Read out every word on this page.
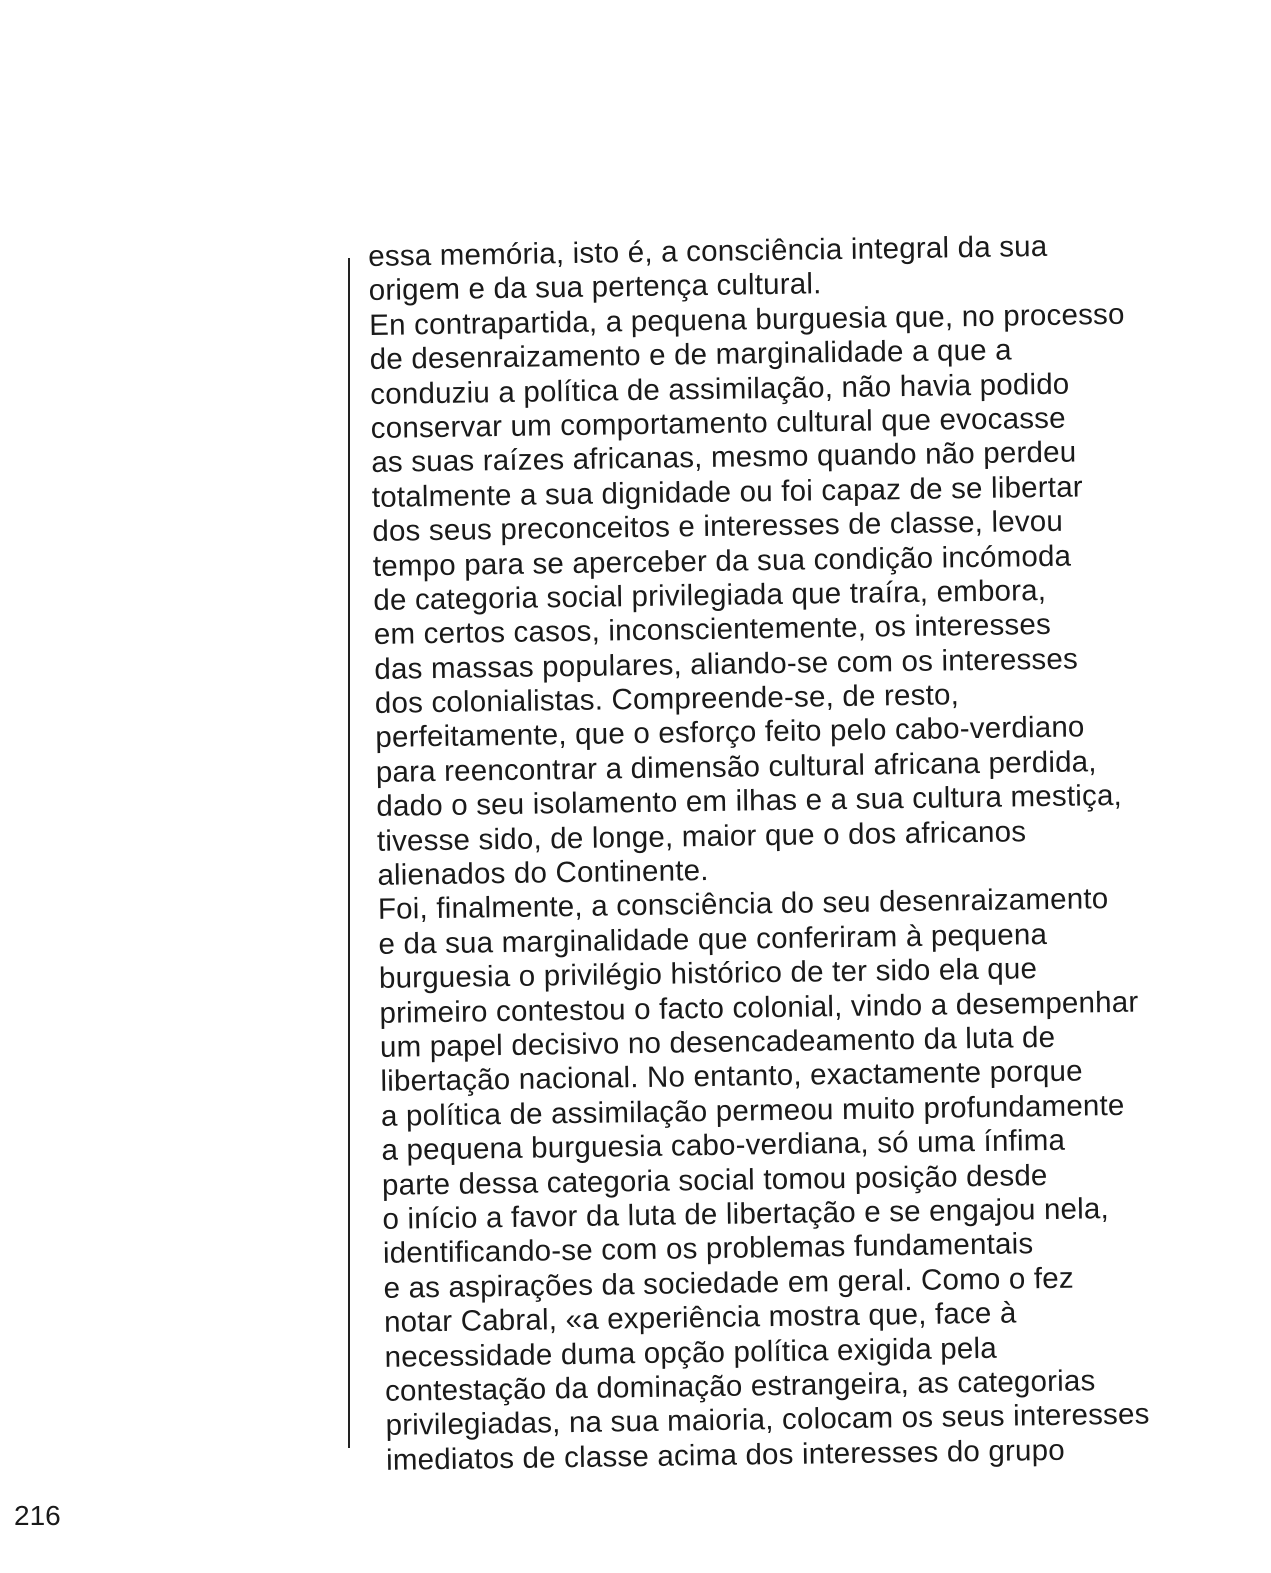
essa memória, isto é, a consciência integral da sua
origem e da sua pertença cultural.
En contrapartida, a pequena burguesia que, no processo
de desenraizamento e de marginalidade a que a
conduziu a política de assimilação, não havia podido
conservar um comportamento cultural que evocasse
as suas raízes africanas, mesmo quando não perdeu
totalmente a sua dignidade ou foi capaz de se libertar
dos seus preconceitos e interesses de classe, levou
tempo para se aperceber da sua condição incómoda
de categoria social privilegiada que traíra, embora,
em certos casos, inconscientemente, os interesses
das massas populares, aliando-se com os interesses
dos colonialistas. Compreende-se, de resto,
perfeitamente, que o esforço feito pelo cabo-verdiano
para reencontrar a dimensão cultural africana perdida,
dado o seu isolamento em ilhas e a sua cultura mestiça,
tivesse sido, de longe, maior que o dos africanos
alienados do Continente.
Foi, finalmente, a consciência do seu desenraizamento
e da sua marginalidade que conferiram à pequena
burguesia o privilégio histórico de ter sido ela que
primeiro contestou o facto colonial, vindo a desempenhar
um papel decisivo no desencadeamento da luta de
libertação nacional. No entanto, exactamente porque
a política de assimilação permeou muito profundamente
a pequena burguesia cabo-verdiana, só uma ínfima
parte dessa categoria social tomou posição desde
o início a favor da luta de libertação e se engajou nela,
identificando-se com os problemas fundamentais
e as aspirações da sociedade em geral. Como o fez
notar Cabral, «a experiência mostra que, face à
necessidade duma opção política exigida pela
contestação da dominação estrangeira, as categorias
privilegiadas, na sua maioria, colocam os seus interesses
imediatos de classe acima dos interesses do grupo
216
